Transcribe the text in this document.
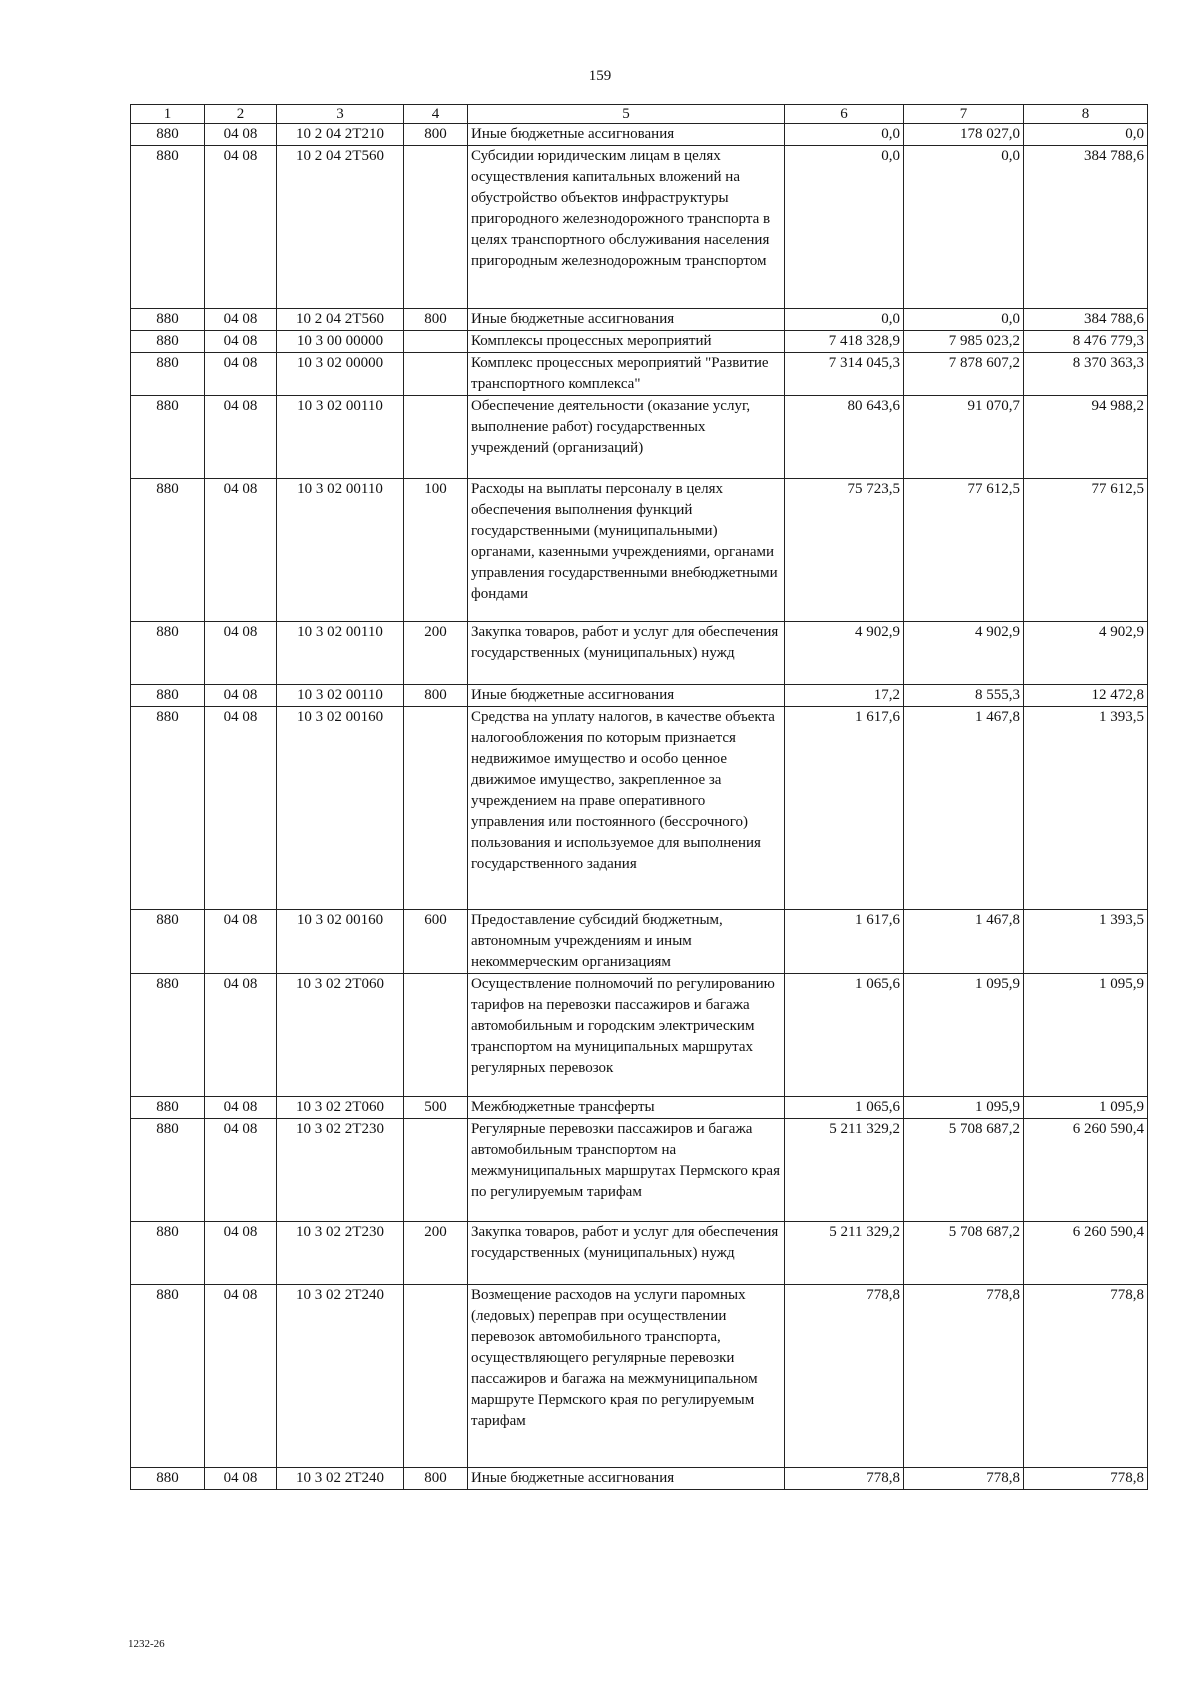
159
1	2	3	4	5	6	7	8
880	04 08	10 2 04 2Т210	800	Иные бюджетные ассигнования	0,0	178 027,0	0,0
880	04 08	10 2 04 2Т560		Субсидии юридическим лицам в целях осуществления капитальных вложений на обустройство объектов инфраструктуры пригородного железнодорожного транспорта в целях транспортного обслуживания населения пригородным железнодорожным транспортом	0,0	0,0	384 788,6
880	04 08	10 2 04 2Т560	800	Иные бюджетные ассигнования	0,0	0,0	384 788,6
880	04 08	10 3 00 00000		Комплексы процессных мероприятий	7 418 328,9	7 985 023,2	8 476 779,3
880	04 08	10 3 02 00000		Комплекс процессных мероприятий "Развитие транспортного комплекса"	7 314 045,3	7 878 607,2	8 370 363,3
880	04 08	10 3 02 00110		Обеспечение деятельности (оказание услуг, выполнение работ) государственных учреждений (организаций)	80 643,6	91 070,7	94 988,2
880	04 08	10 3 02 00110	100	Расходы на выплаты персоналу в целях обеспечения выполнения функций государственными (муниципальными) органами, казенными учреждениями, органами управления государственными внебюджетными фондами	75 723,5	77 612,5	77 612,5
880	04 08	10 3 02 00110	200	Закупка товаров, работ и услуг для обеспечения государственных (муниципальных) нужд	4 902,9	4 902,9	4 902,9
880	04 08	10 3 02 00110	800	Иные бюджетные ассигнования	17,2	8 555,3	12 472,8
880	04 08	10 3 02 00160		Средства на уплату налогов, в качестве объекта налогообложения по которым признается недвижимое имущество и особо ценное движимое имущество, закрепленное за учреждением на праве оперативного управления или постоянного (бессрочного) пользования и используемое для выполнения государственного задания	1 617,6	1 467,8	1 393,5
880	04 08	10 3 02 00160	600	Предоставление субсидий бюджетным, автономным учреждениям и иным некоммерческим организациям	1 617,6	1 467,8	1 393,5
880	04 08	10 3 02 2Т060		Осуществление полномочий по регулированию тарифов на перевозки пассажиров и багажа автомобильным и городским электрическим транспортом на муниципальных маршрутах регулярных перевозок	1 065,6	1 095,9	1 095,9
880	04 08	10 3 02 2Т060	500	Межбюджетные трансферты	1 065,6	1 095,9	1 095,9
880	04 08	10 3 02 2Т230		Регулярные перевозки пассажиров и багажа автомобильным транспортом на межмуниципальных маршрутах Пермского края по регулируемым тарифам	5 211 329,2	5 708 687,2	6 260 590,4
880	04 08	10 3 02 2Т230	200	Закупка товаров, работ и услуг для обеспечения государственных (муниципальных) нужд	5 211 329,2	5 708 687,2	6 260 590,4
880	04 08	10 3 02 2Т240		Возмещение расходов на услуги паромных (ледовых) переправ при осуществлении перевозок автомобильного транспорта, осуществляющего регулярные перевозки пассажиров и багажа на межмуниципальном маршруте Пермского края по регулируемым тарифам	778,8	778,8	778,8
880	04 08	10 3 02 2Т240	800	Иные бюджетные ассигнования	778,8	778,8	778,8
1232-26
